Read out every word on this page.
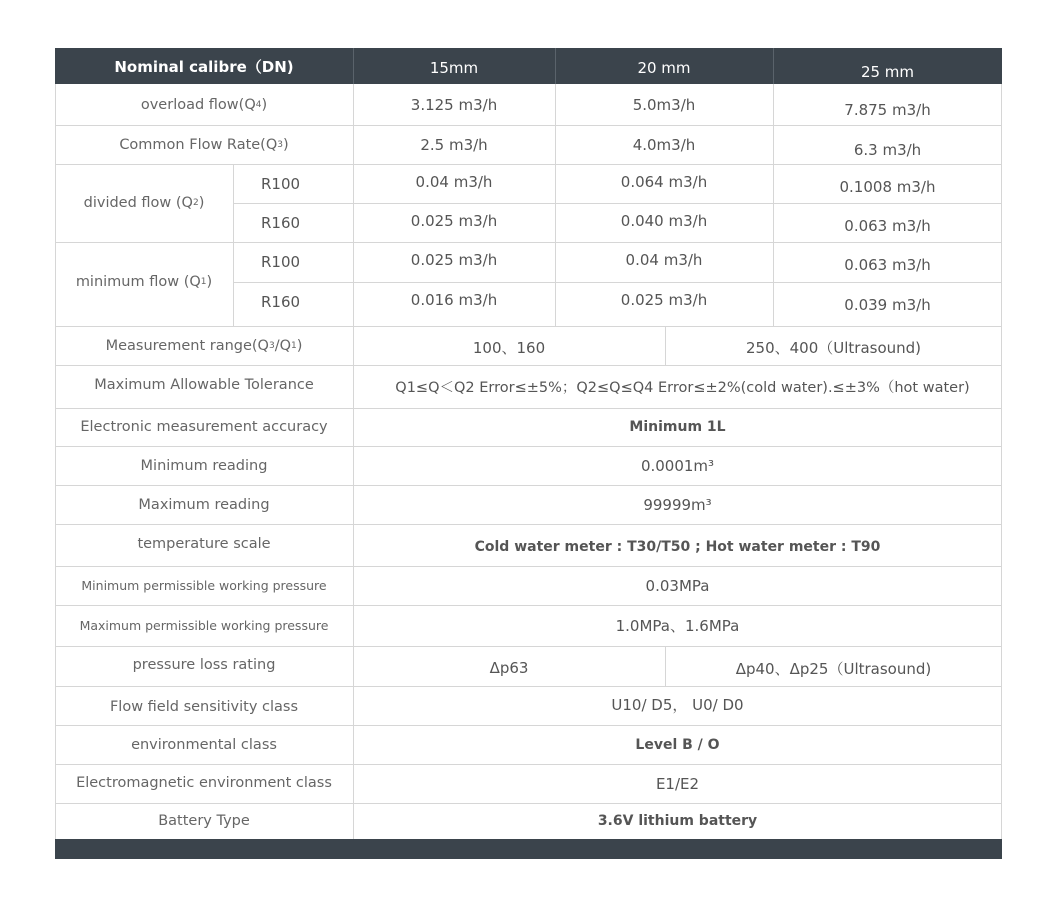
Nominal calibre（DN)	15mm	20 mm	25 mm
overload flow(Q 4 )	3.125 m3/h	5.0m3/h	7.875 m3/h
Common Flow Rate(Q 3 )	2.5 m3/h	4.0m3/h	6.3 m3/h
divided flow (Q 2 )
R100	0.04 m3/h	0.064 m3/h	0.1008 m3/h
R160	0.025 m3/h	0.040 m3/h	0.063 m3/h
minimum flow (Q 1 )
R100	0.025 m3/h	0.04 m3/h	0.063 m3/h
R160	0.016 m3/h	0.025 m3/h	0.039 m3/h
Measurement range(Q 3 /Q 1 )	100、160	250、400（Ultrasound)
Maximum Allowable Tolerance	Q1≤Q＜Q2 Error≤±5%；Q2≤Q≤Q4 Error≤±2%(cold water).≤±3%（hot water)
Electronic measurement accuracy	Minimum 1L
Minimum reading	0.0001m³
Maximum reading	99999m³
temperature scale	Cold water meter : T30/T50 ; Hot water meter : T90
Minimum permissible working pressure	0.03MPa
Maximum permissible working pressure	1.0MPa、1.6MPa
pressure loss rating	Δp63	Δp40、Δp25（Ultrasound)
Flow field sensitivity class	U10/ D5， U0/ D0
environmental class	Level B / O
Electromagnetic environment class	E1/E2
Battery Type	3.6V lithium battery
